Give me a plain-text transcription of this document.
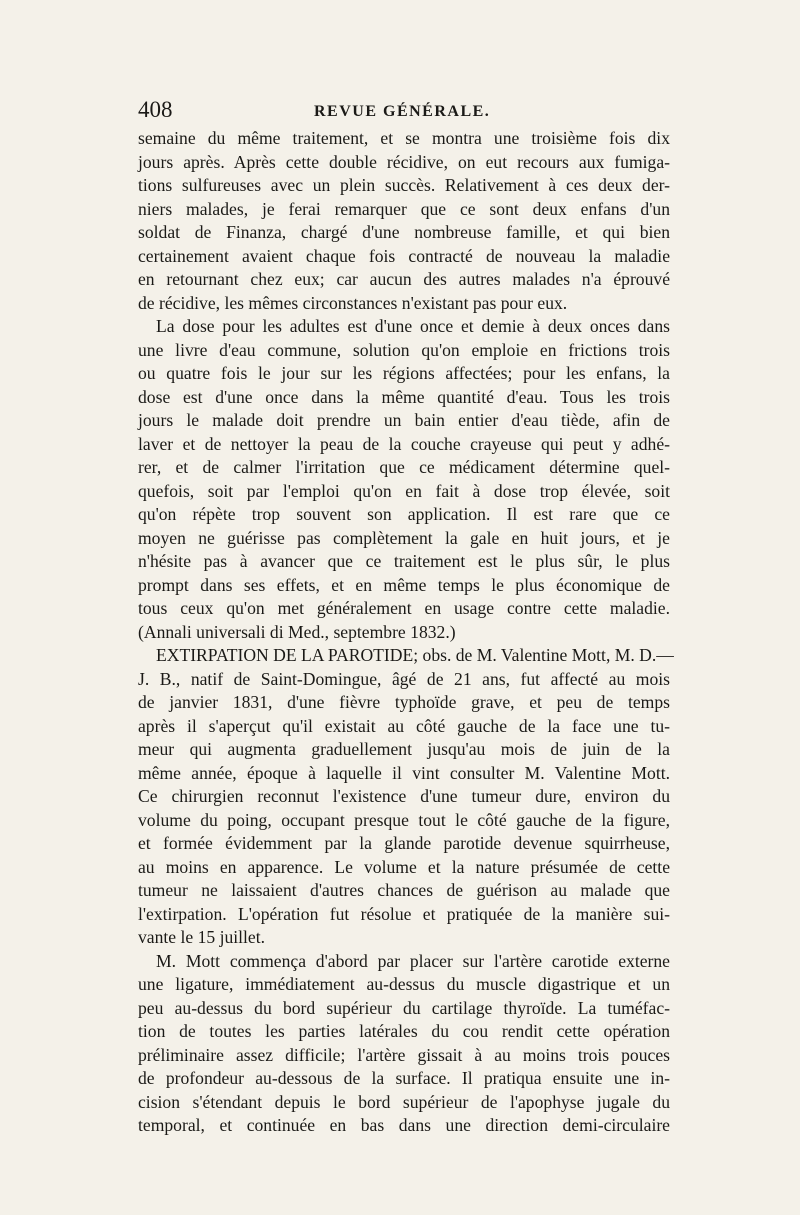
408	REVUE GÉNÉRALE.
semaine du même traitement, et se montra une troisième fois dix
jours après. Après cette double récidive, on eut recours aux fumiga-
tions sulfureuses avec un plein succès. Relativement à ces deux der-
niers malades, je ferai remarquer que ce sont deux enfans d'un
soldat de Finanza, chargé d'une nombreuse famille, et qui bien
certainement avaient chaque fois contracté de nouveau la maladie
en retournant chez eux; car aucun des autres malades n'a éprouvé
de récidive, les mêmes circonstances n'existant pas pour eux.
La dose pour les adultes est d'une once et demie à deux onces dans
une livre d'eau commune, solution qu'on emploie en frictions trois
ou quatre fois le jour sur les régions affectées; pour les enfans, la
dose est d'une once dans la même quantité d'eau. Tous les trois
jours le malade doit prendre un bain entier d'eau tiède, afin de
laver et de nettoyer la peau de la couche crayeuse qui peut y adhé-
rer, et de calmer l'irritation que ce médicament détermine quel-
quefois, soit par l'emploi qu'on en fait à dose trop élevée, soit
qu'on répète trop souvent son application. Il est rare que ce
moyen ne guérisse pas complètement la gale en huit jours, et je
n'hésite pas à avancer que ce traitement est le plus sûr, le plus
prompt dans ses effets, et en même temps le plus économique de
tous ceux qu'on met généralement en usage contre cette maladie.
(Annali universali di Med., septembre 1832.)
EXTIRPATION DE LA PAROTIDE; obs. de M. Valentine Mott, M. D.—
J. B., natif de Saint-Domingue, âgé de 21 ans, fut affecté au mois
de janvier 1831, d'une fièvre typhoïde grave, et peu de temps
après il s'aperçut qu'il existait au côté gauche de la face une tu-
meur qui augmenta graduellement jusqu'au mois de juin de la
même année, époque à laquelle il vint consulter M. Valentine Mott.
Ce chirurgien reconnut l'existence d'une tumeur dure, environ du
volume du poing, occupant presque tout le côté gauche de la figure,
et formée évidemment par la glande parotide devenue squirrheuse,
au moins en apparence. Le volume et la nature présumée de cette
tumeur ne laissaient d'autres chances de guérison au malade que
l'extirpation. L'opération fut résolue et pratiquée de la manière sui-
vante le 15 juillet.
M. Mott commença d'abord par placer sur l'artère carotide externe
une ligature, immédiatement au-dessus du muscle digastrique et un
peu au-dessus du bord supérieur du cartilage thyroïde. La tuméfac-
tion de toutes les parties latérales du cou rendit cette opération
préliminaire assez difficile; l'artère gissait à au moins trois pouces
de profondeur au-dessous de la surface. Il pratiqua ensuite une in-
cision s'étendant depuis le bord supérieur de l'apophyse jugale du
temporal, et continuée en bas dans une direction demi-circulaire
